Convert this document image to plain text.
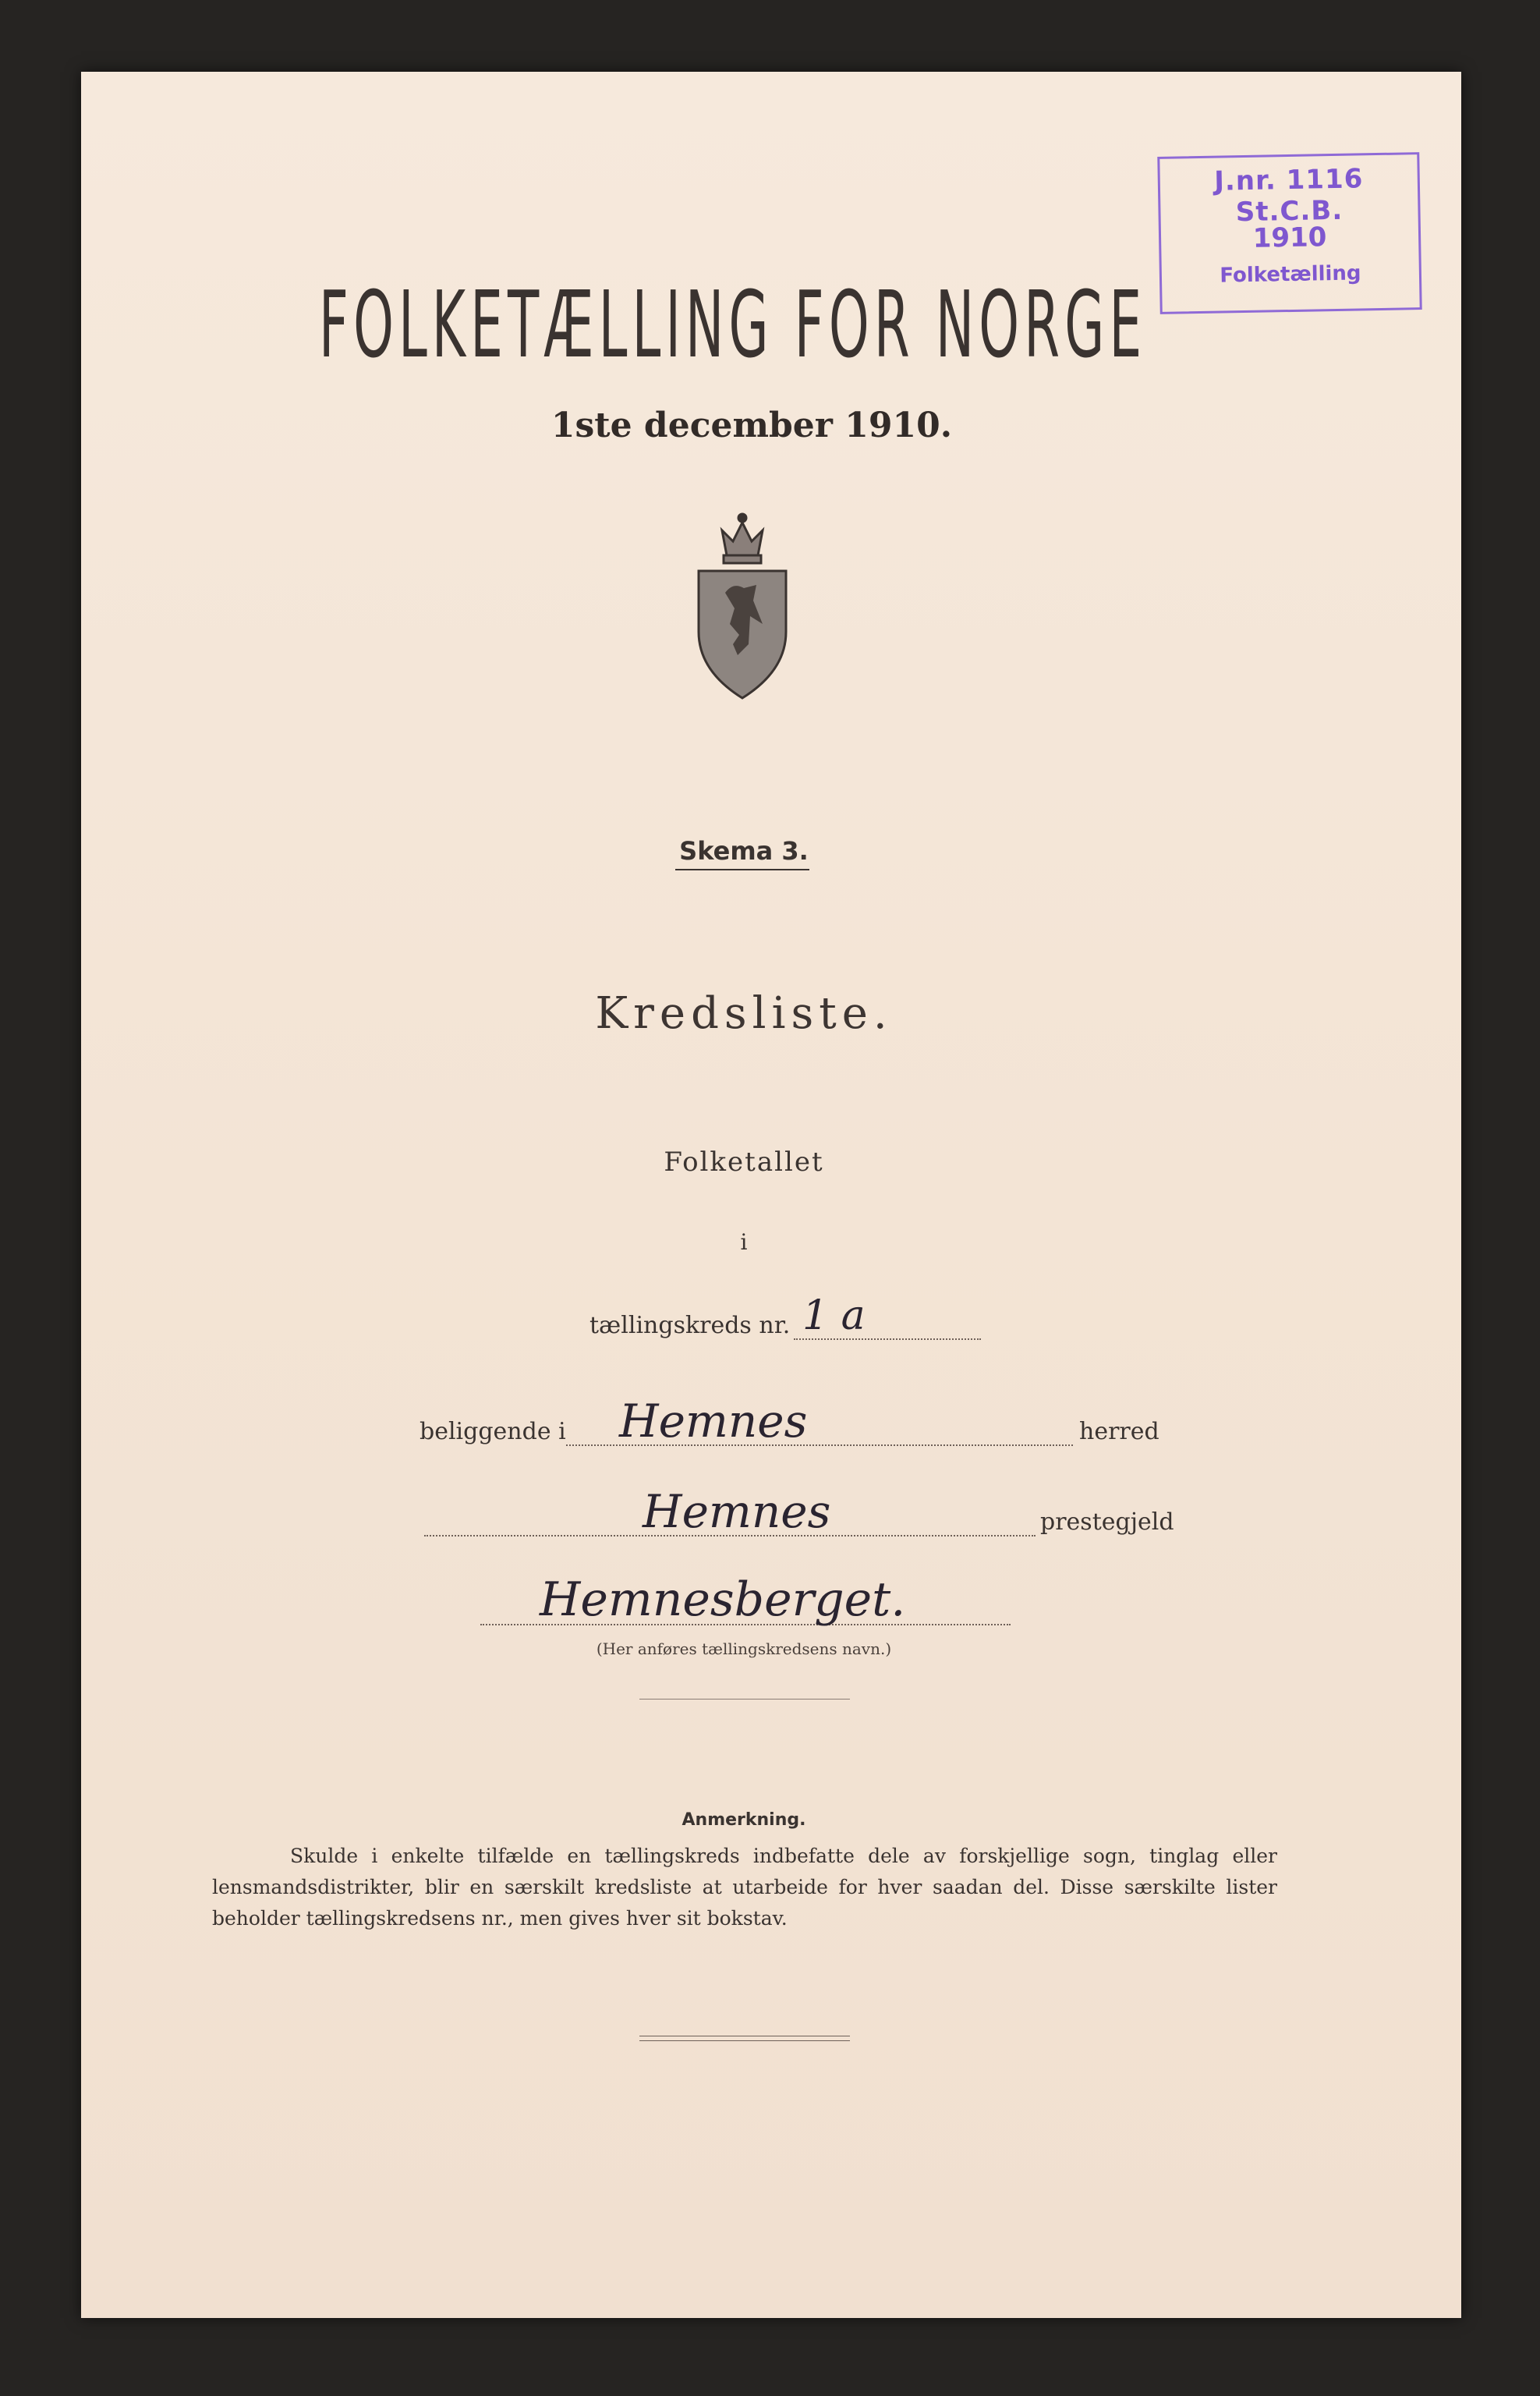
J.nr. 1116 St.C.B.
1910
Folketælling
FOLKETÆLLING FOR NORGE
1ste december 1910.
Skema 3.
Kredsliste.
Folketallet
i
tællingskreds nr. 1 a
beliggende i Hemnes	herred
Hemnes	prestegjeld
Hemnesberget.
(Her anføres tællingskredsens navn.)
Anmerkning.
Skulde i enkelte tilfælde en tællingskreds indbefatte dele av forskjellige sogn, tinglag eller lensmandsdistrikter, blir en særskilt kredsliste at utarbeide for hver saadan del. Disse særskilte lister beholder tællingskredsens nr., men gives hver sit bokstav.
